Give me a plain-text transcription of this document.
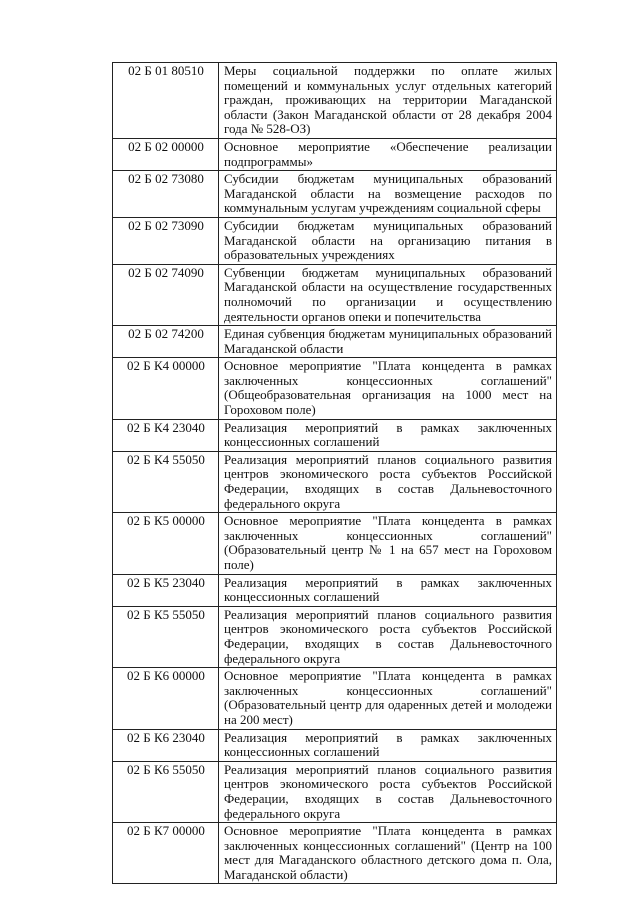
02 Б 01 80510	Меры социальной поддержки по оплате жилых помещений и коммунальных услуг отдельных категорий граждан, проживающих на территории Магаданской области (Закон Магаданской области от 28 декабря 2004 года № 528-ОЗ)
02 Б 02 00000	Основное мероприятие «Обеспечение реализации подпрограммы»
02 Б 02 73080	Субсидии бюджетам муниципальных образований Магаданской области на возмещение расходов по коммунальным услугам учреждениям социальной сферы
02 Б 02 73090	Субсидии бюджетам муниципальных образований Магаданской области на организацию питания в образовательных учреждениях
02 Б 02 74090	Субвенции бюджетам муниципальных образований Магаданской области на осуществление государственных полномочий по организации и осуществлению деятельности органов опеки и попечительства
02 Б 02 74200	Единая субвенция бюджетам муниципальных образований Магаданской области
02 Б К4 00000	Основное мероприятие "Плата концедента в рамках заключенных концессионных соглашений" (Общеобразовательная организация на 1000 мест на Гороховом поле)
02 Б К4 23040	Реализация мероприятий в рамках заключенных концессионных соглашений
02 Б К4 55050	Реализация мероприятий планов социального развития центров экономического роста субъектов Российской Федерации, входящих в состав Дальневосточного федерального округа
02 Б К5 00000	Основное мероприятие "Плата концедента в рамках заключенных концессионных соглашений" (Образовательный центр № 1 на 657 мест на Гороховом поле)
02 Б К5 23040	Реализация мероприятий в рамках заключенных концессионных соглашений
02 Б К5 55050	Реализация мероприятий планов социального развития центров экономического роста субъектов Российской Федерации, входящих в состав Дальневосточного федерального округа
02 Б К6 00000	Основное мероприятие "Плата концедента в рамках заключенных концессионных соглашений" (Образовательный центр для одаренных детей и молодежи на 200 мест)
02 Б К6 23040	Реализация мероприятий в рамках заключенных концессионных соглашений
02 Б К6 55050	Реализация мероприятий планов социального развития центров экономического роста субъектов Российской Федерации, входящих в состав Дальневосточного федерального округа
02 Б К7 00000	Основное мероприятие "Плата концедента в рамках заключенных концессионных соглашений" (Центр на 100 мест для Магаданского областного детского дома п. Ола, Магаданской области)
